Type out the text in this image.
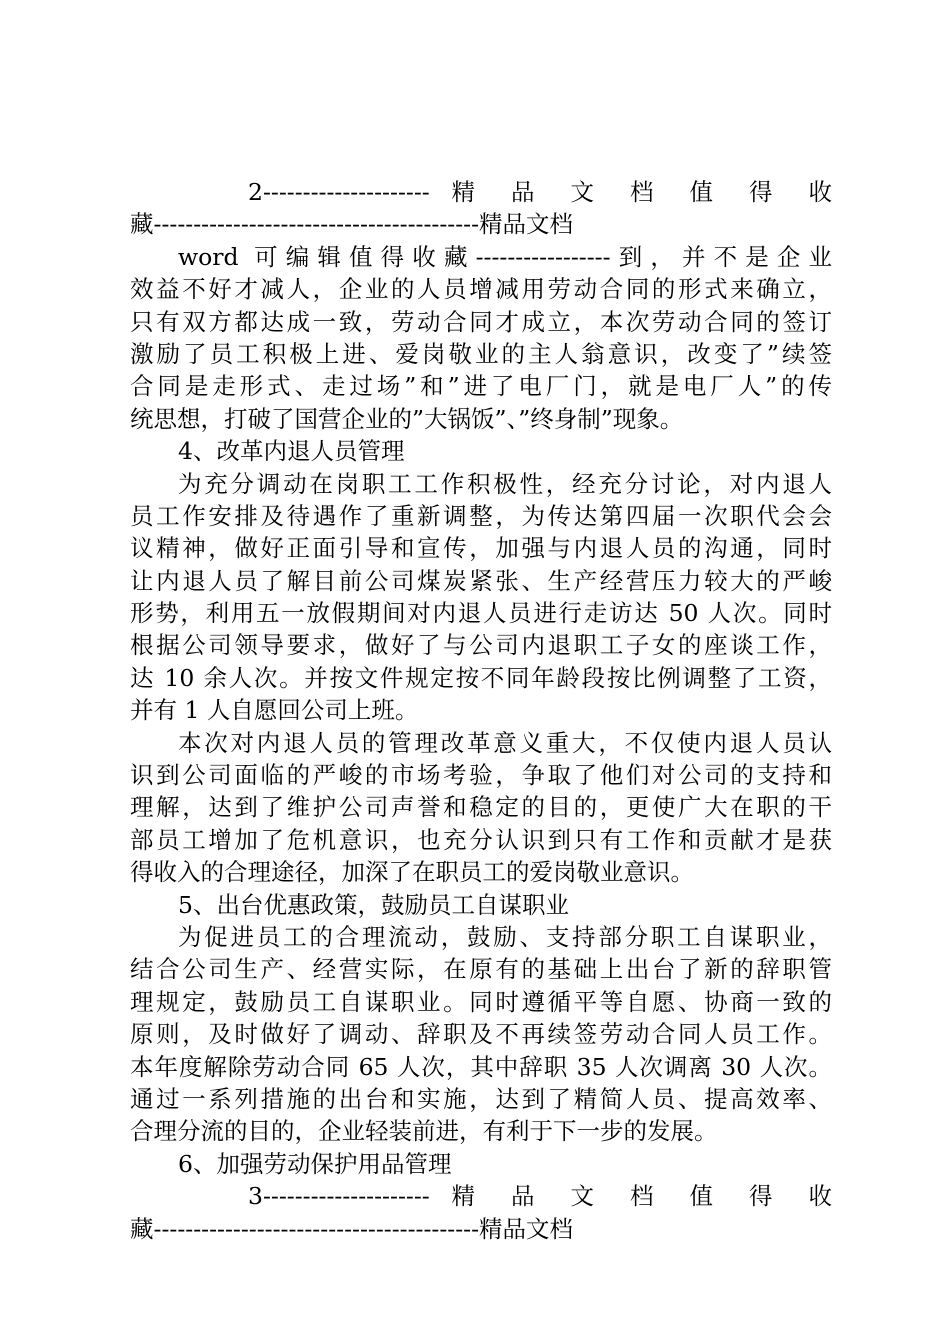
2--------------------- 精 品 文 档 值 得 收
藏-----------------------------------------精品文档
word 可编辑值得收藏-----------------到，并不是企业
效益不好才减人，企业的人员增减用劳动合同的形式来确立，
只有双方都达成一致，劳动合同才成立，本次劳动合同的签订
激励了员工积极上进、爱岗敬业的主人翁意识，改变了”续签
合同是走形式、走过场”和”进了电厂门，就是电厂人”的传
统思想，打破了国营企业的”大锅饭”、”终身制”现象。
4、改革内退人员管理
为充分调动在岗职工工作积极性，经充分讨论，对内退人
员工作安排及待遇作了重新调整，为传达第四届一次职代会会
议精神，做好正面引导和宣传，加强与内退人员的沟通，同时
让内退人员了解目前公司煤炭紧张、生产经营压力较大的严峻
形势，利用五一放假期间对内退人员进行走访达 50 人次。同时
根据公司领导要求，做好了与公司内退职工子女的座谈工作，
达 10 余人次。并按文件规定按不同年龄段按比例调整了工资，
并有 1 人自愿回公司上班。
本次对内退人员的管理改革意义重大，不仅使内退人员认
识到公司面临的严峻的市场考验，争取了他们对公司的支持和
理解，达到了维护公司声誉和稳定的目的，更使广大在职的干
部员工增加了危机意识，也充分认识到只有工作和贡献才是获
得收入的合理途径，加深了在职员工的爱岗敬业意识。
5、出台优惠政策，鼓励员工自谋职业
为促进员工的合理流动，鼓励、支持部分职工自谋职业，
结合公司生产、经营实际，在原有的基础上出台了新的辞职管
理规定，鼓励员工自谋职业。同时遵循平等自愿、协商一致的
原则，及时做好了调动、辞职及不再续签劳动合同人员工作。
本年度解除劳动合同 65 人次，其中辞职 35 人次调离 30 人次。
通过一系列措施的出台和实施，达到了精简人员、提高效率、
合理分流的目的，企业轻装前进，有利于下一步的发展。
6、加强劳动保护用品管理
3--------------------- 精 品 文 档 值 得 收
藏-----------------------------------------精品文档
